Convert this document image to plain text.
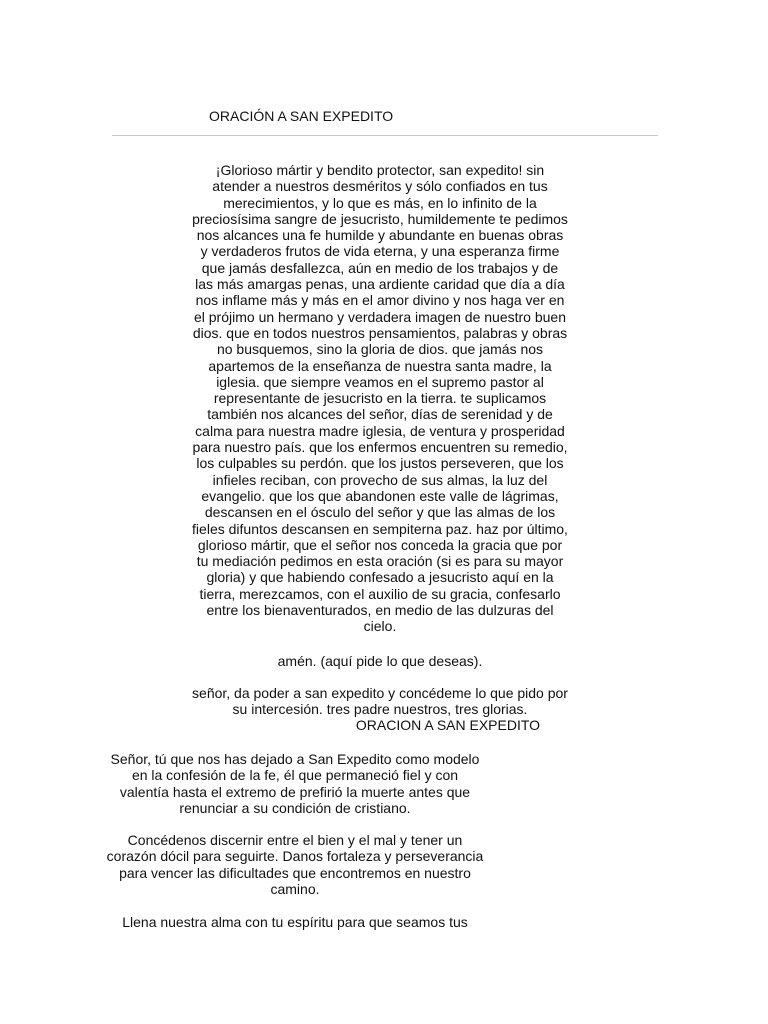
ORACIÓN A SAN EXPEDITO
¡Glorioso mártir y bendito protector, san expedito! sin
atender a nuestros desméritos y sólo confiados en tus
merecimientos, y lo que es más, en lo infinito de la
preciosísima sangre de jesucristo, humildemente te pedimos
nos alcances una fe humilde y abundante en buenas obras
y verdaderos frutos de vida eterna, y una esperanza firme
que jamás desfallezca, aún en medio de los trabajos y de
las más amargas penas, una ardiente caridad que día a día
nos inflame más y más en el amor divino y nos haga ver en
el prójimo un hermano y verdadera imagen de nuestro buen
dios. que en todos nuestros pensamientos, palabras y obras
no busquemos, sino la gloria de dios. que jamás nos
apartemos de la enseñanza de nuestra santa madre, la
iglesia. que siempre veamos en el supremo pastor al
representante de jesucristo en la tierra. te suplicamos
también nos alcances del señor, días de serenidad y de
calma para nuestra madre iglesia, de ventura y prosperidad
para nuestro país. que los enfermos encuentren su remedio,
los culpables su perdón. que los justos perseveren, que los
infieles reciban, con provecho de sus almas, la luz del
evangelio. que los que abandonen este valle de lágrimas,
descansen en el ósculo del señor y que las almas de los
fieles difuntos descansen en sempiterna paz. haz por último,
glorioso mártir, que el señor nos conceda la gracia que por
tu mediación pedimos en esta oración (si es para su mayor
gloria) y que habiendo confesado a jesucristo aquí en la
tierra, merezcamos, con el auxilio de su gracia, confesarlo
entre los bienaventurados, en medio de las dulzuras del
cielo.
amén. (aquí pide lo que deseas).
señor, da poder a san expedito y concédeme lo que pido por
su intercesión. tres padre nuestros, tres glorias.
ORACION A SAN EXPEDITO
Señor, tú que nos has dejado a San Expedito como modelo
en la confesión de la fe, él que permaneció fiel y con
valentía hasta el extremo de prefirió la muerte antes que
renunciar a su condición de cristiano.
Concédenos discernir entre el bien y el mal y tener un
corazón dócil para seguirte. Danos fortaleza y perseverancia
para vencer las dificultades que encontremos en nuestro
camino.
Llena nuestra alma con tu espíritu para que seamos tus
